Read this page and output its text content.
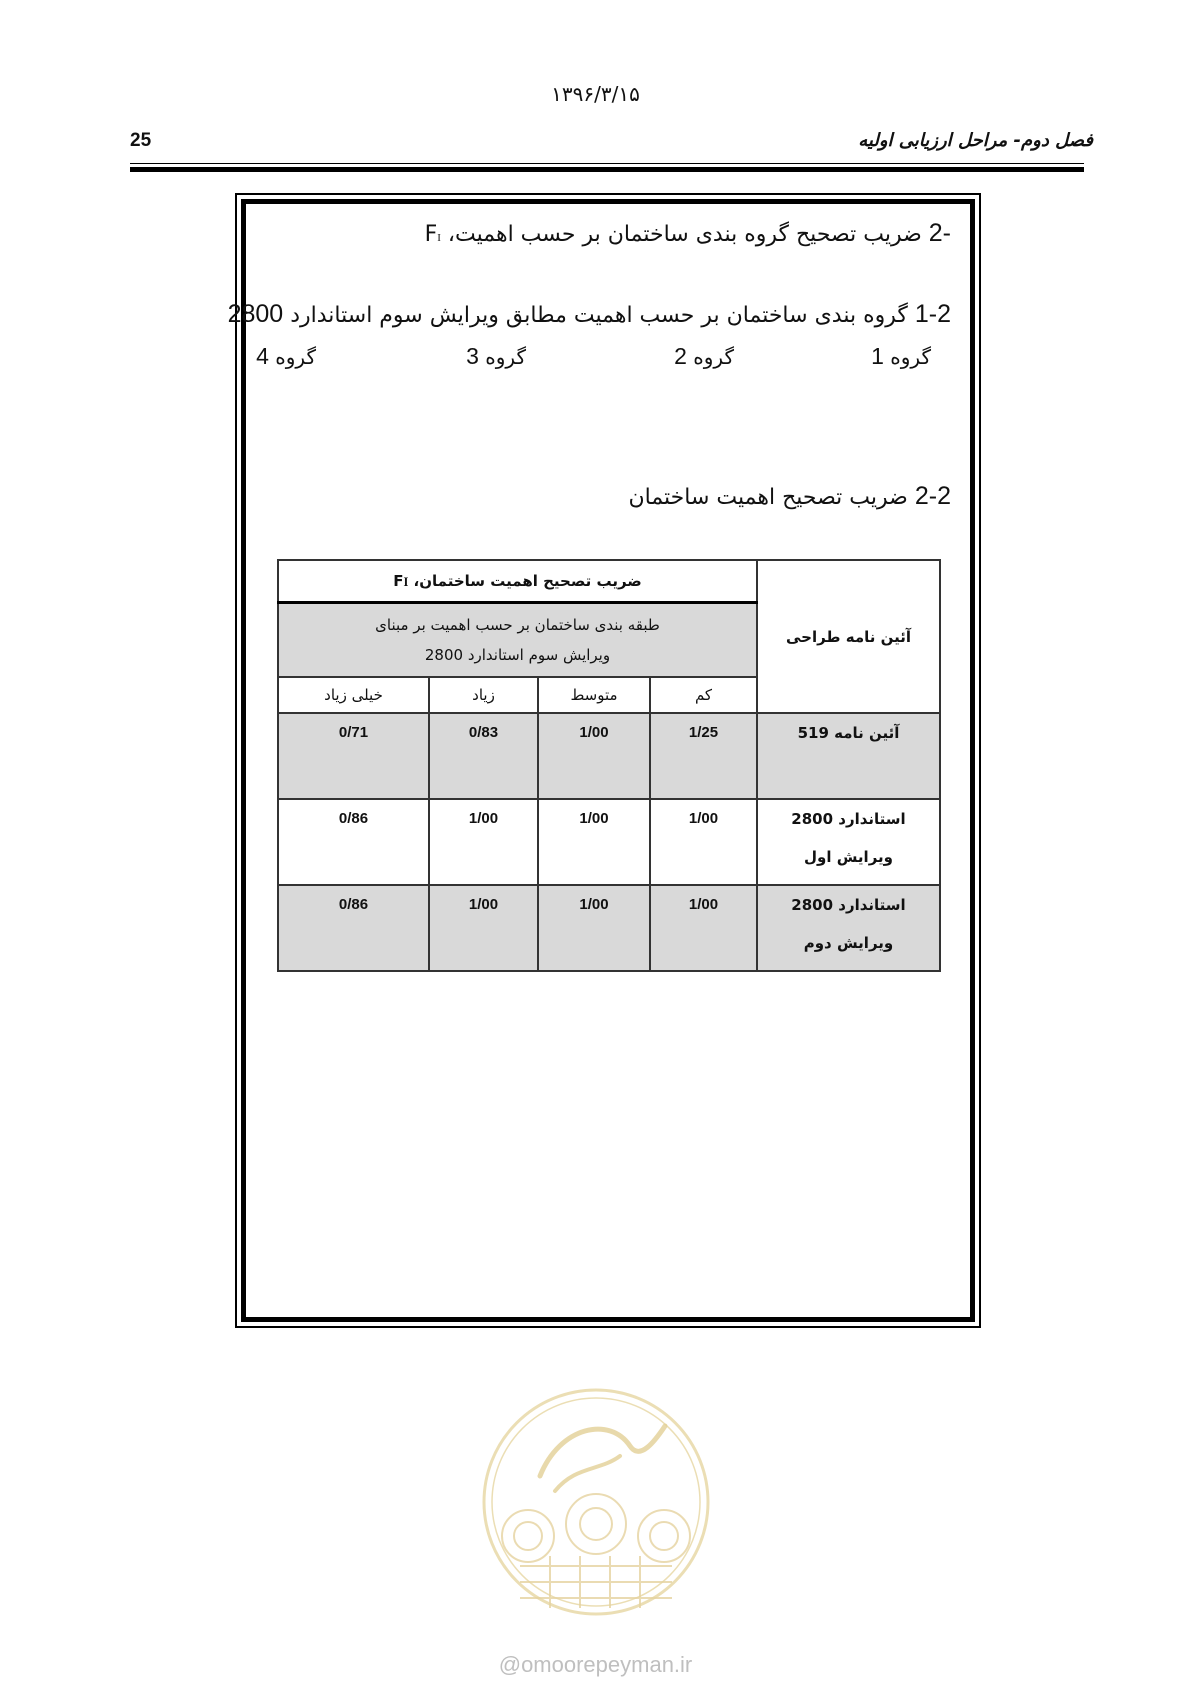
۱۳۹۶/۳/۱۵
25	فصل دوم- مراحل ارزیابی اولیه
-2 ضریب تصحیح گروه بندی ساختمان بر حسب اهمیت، FI
1-2 گروه بندی ساختمان بر حسب اهمیت مطابق ویرایش سوم استاندارد 2800
گروه 1
گروه 2
گروه 3
گروه 4
2-2 ضریب تصحیح اهمیت ساختمان
آئین نامه طراحی	ضریب تصحیح اهمیت ساختمان، FI			

	طبقه بندی ساختمان بر حسب اهمیت بر مبنای
ویرایش سوم استاندارد 2800			

	کم	متوسط	زیاد	خیلی زیاد

آئین نامه 519	1/25	1/00	0/83	0/71

استاندارد 2800
ویرایش اول	1/00	1/00	1/00	0/86

استاندارد 2800
ویرایش دوم	1/00	1/00	1/00	0/86
@omoorepeyman.ir
